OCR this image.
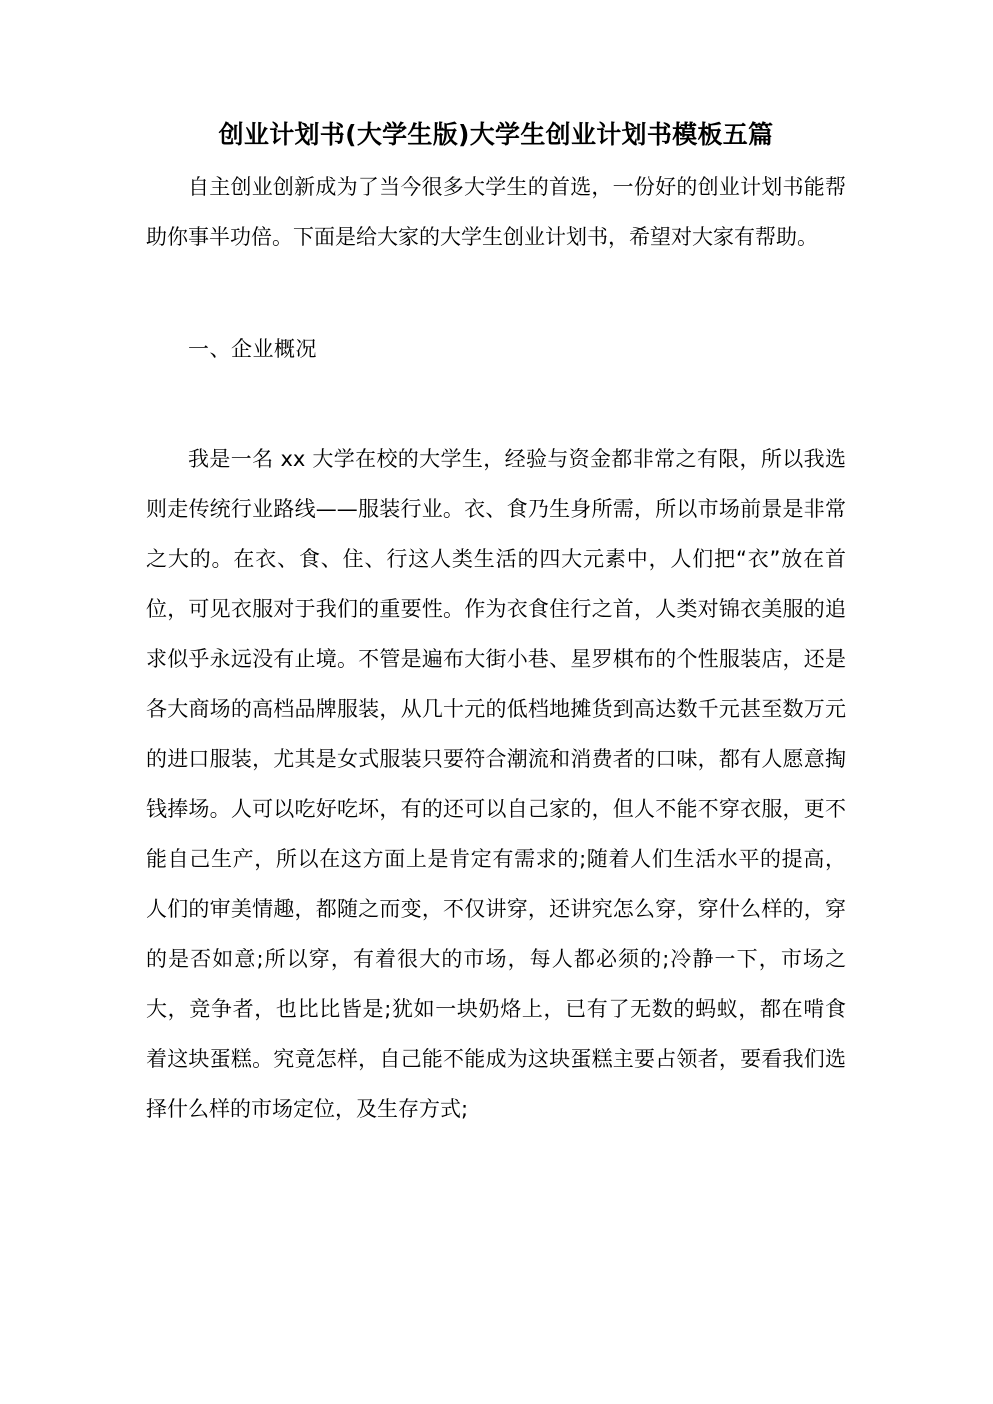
创业计划书(大学生版)大学生创业计划书模板五篇

自主创业创新成为了当今很多大学生的首选，一份好的创业计划书能帮助你事半功倍。下面是给大家的大学生创业计划书，希望对大家有帮助。

一、企业概况

我是一名 xx 大学在校的大学生，经验与资金都非常之有限，所以我选则走传统行业路线——服装行业。衣、食乃生身所需，所以市场前景是非常之大的。在衣、食、住、行这人类生活的四大元素中，人们把“衣”放在首位，可见衣服对于我们的重要性。作为衣食住行之首，人类对锦衣美服的追求似乎永远没有止境。不管是遍布大街小巷、星罗棋布的个性服装店，还是各大商场的高档品牌服装，从几十元的低档地摊货到高达数千元甚至数万元的进口服装，尤其是女式服装只要符合潮流和消费者的口味，都有人愿意掏钱捧场。人可以吃好吃坏，有的还可以自己家的，但人不能不穿衣服，更不能自己生产，所以在这方面上是肯定有需求的;随着人们生活水平的提高，人们的审美情趣，都随之而变，不仅讲穿，还讲究怎么穿，穿什么样的，穿的是否如意;所以穿，有着很大的市场，每人都必须的;冷静一下，市场之大，竞争者，也比比皆是;犹如一块奶烙上，已有了无数的蚂蚁，都在啃食着这块蛋糕。究竟怎样，自己能不能成为这块蛋糕主要占领者，要看我们选择什么样的市场定位，及生存方式;
